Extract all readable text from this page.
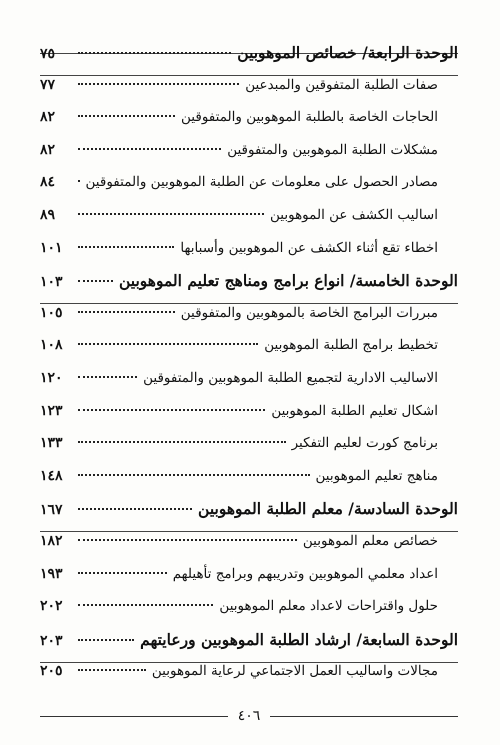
الوحدة الرابعة/ خصائص الموهوبين
٧٥
صفات الطلبة المتفوقين والمبدعين
٧٧
الحاجات الخاصة بالطلبة الموهوبين والمتفوقين
٨٢
مشكلات الطلبة الموهوبين والمتفوقين
٨٢
مصادر الحصول على معلومات عن الطلبة الموهوبين والمتفوقين
٨٤
اساليب الكشف عن الموهوبين
٨٩
اخطاء تقع أثناء الكشف عن الموهوبين وأسبابها
١٠١
الوحدة الخامسة/ انواع برامج ومناهج تعليم الموهوبين
١٠٣
مبررات البرامج الخاصة بالموهوبين والمتفوقين
١٠٥
تخطيط برامج الطلبة الموهوبين
١٠٨
الاساليب الادارية لتجميع الطلبة الموهوبين والمتفوقين
١٢٠
اشكال تعليم الطلبة الموهوبين
١٢٣
برنامج كورت لعليم التفكير
١٣٣
مناهج تعليم الموهوبين
١٤٨
الوحدة السادسة/ معلم الطلبة الموهوبين
١٦٧
خصائص معلم الموهوبين
١٨٢
اعداد معلمي الموهوبين وتدريبهم وبرامج تأهيلهم
١٩٣
حلول واقتراحات لاعداد معلم الموهوبين
٢٠٢
الوحدة السابعة/ ارشاد الطلبة الموهوبين ورعايتهم
٢٠٣
مجالات واساليب العمل الاجتماعي لرعاية الموهوبين
٢٠٥
٤٠٦
